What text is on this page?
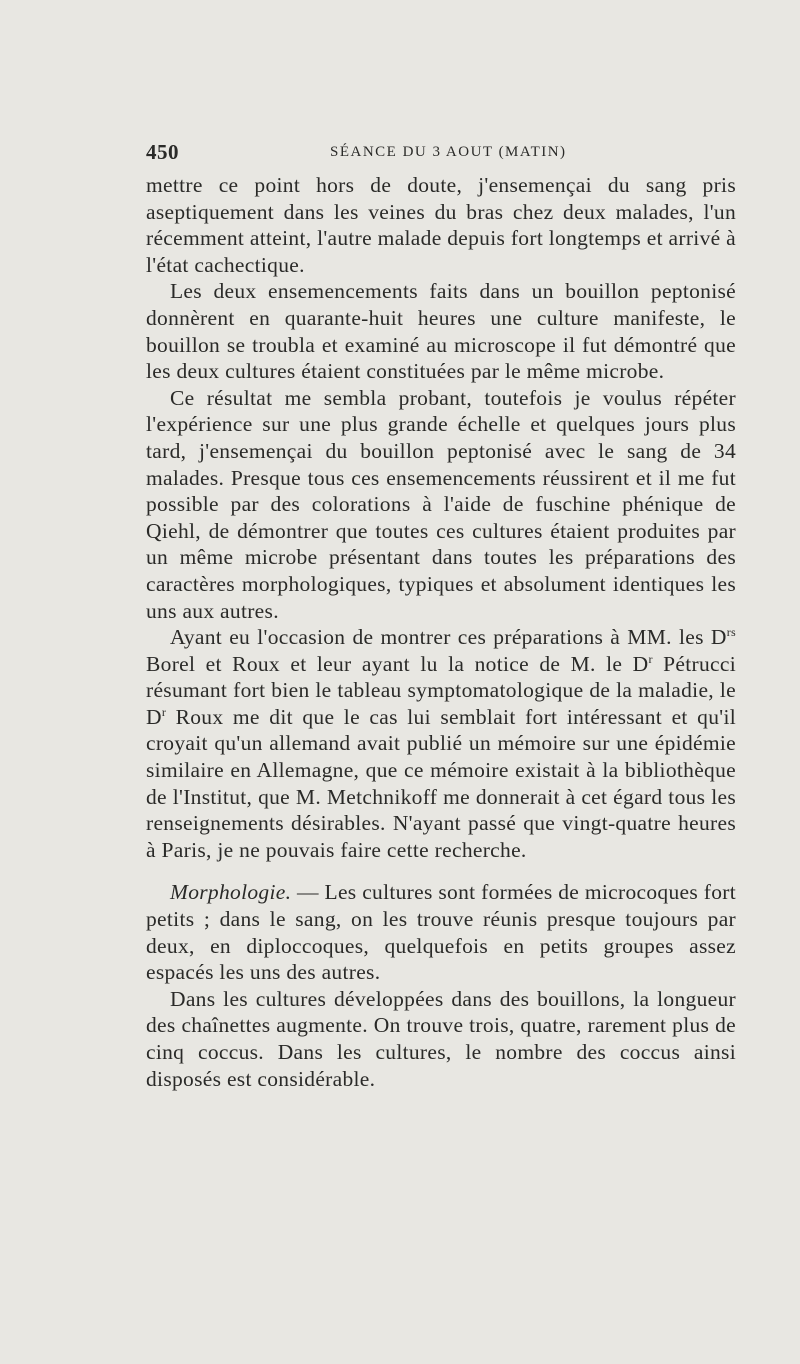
450	SÉANCE DU 3 AOUT (MATIN)

mettre ce point hors de doute, j'ensemençai du sang pris aseptiquement dans les veines du bras chez deux malades, l'un récemment atteint, l'autre malade depuis fort longtemps et arrivé à l'état cachectique.

Les deux ensemencements faits dans un bouillon peptonisé donnèrent en quarante-huit heures une culture manifeste, le bouillon se troubla et examiné au microscope il fut démontré que les deux cultures étaient constituées par le même microbe.

Ce résultat me sembla probant, toutefois je voulus répéter l'expérience sur une plus grande échelle et quelques jours plus tard, j'ensemençai du bouillon peptonisé avec le sang de 34 malades. Presque tous ces ensemencements réussirent et il me fut possible par des colorations à l'aide de fuschine phénique de Qiehl, de démontrer que toutes ces cultures étaient produites par un même microbe présentant dans toutes les préparations des caractères morphologiques, typiques et absolument identiques les uns aux autres.

Ayant eu l'occasion de montrer ces préparations à MM. les $D^{rs}$ Borel et Roux et leur ayant lu la notice de M. le $D^r$ Pétrucci résumant fort bien le tableau symptomatologique de la maladie, le $D^r$ Roux me dit que le cas lui semblait fort intéressant et qu'il croyait qu'un allemand avait publié un mémoire sur une épidémie similaire en Allemagne, que ce mémoire existait à la bibliothèque de l'Institut, que M. Metchnikoff me donnerait à cet égard tous les renseignements désirables. N'ayant passé que vingt-quatre heures à Paris, je ne pouvais faire cette recherche.

Morphologie. — Les cultures sont formées de microcoques fort petits ; dans le sang, on les trouve réunis presque toujours par deux, en diploccoques, quelquefois en petits groupes assez espacés les uns des autres.

Dans les cultures développées dans des bouillons, la longueur des chaînettes augmente. On trouve trois, quatre, rarement plus de cinq coccus. Dans les cultures, le nombre des coccus ainsi disposés est considérable.
